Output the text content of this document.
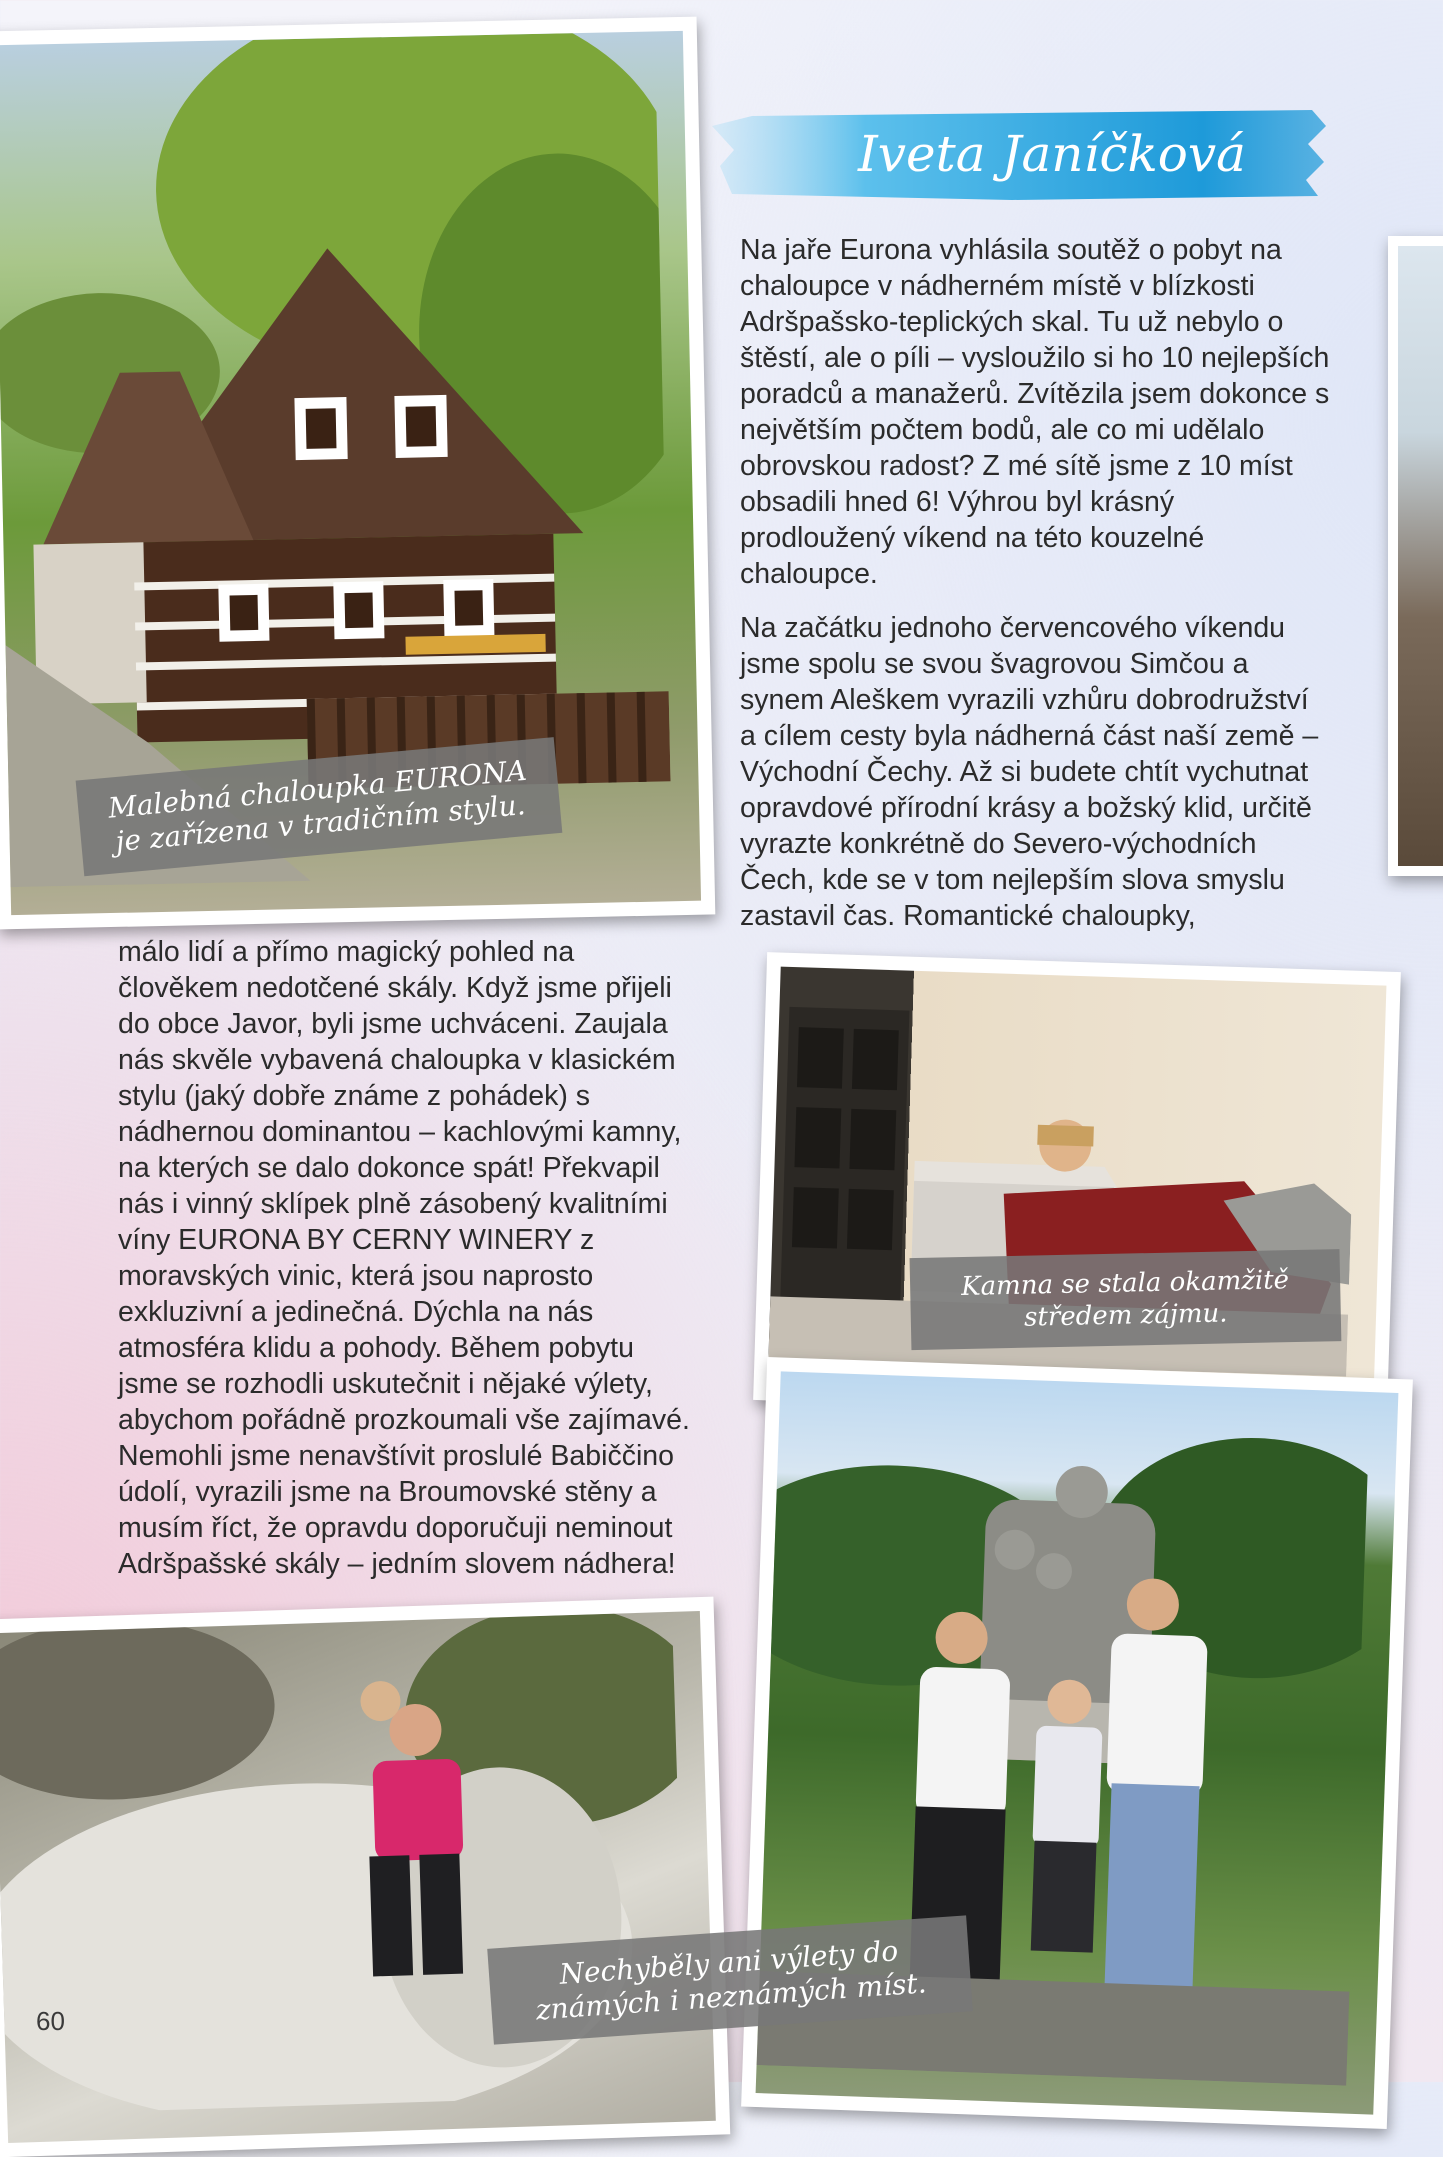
Iveta Janíčková
Malebná chaloupka EURONA je zařízena v tradičním stylu.

Na jaře Eurona vyhlásila soutěž o pobyt na chaloupce v nádherném místě v blízkosti Adršpašsko-teplických skal. Tu už nebylo o štěstí, ale o píli – vysloužilo si ho 10 nejlepších poradců a manažerů. Zvítězila jsem dokonce s největším počtem bodů, ale co mi udělalo obrovskou radost? Z mé sítě jsme z 10 míst obsadili hned 6! Výhrou byl krásný prodloužený víkend na této kouzelné chaloupce.

Na začátku jednoho červencového víkendu jsme spolu se svou švagrovou Simčou a synem Aleškem vyrazili vzhůru dobrodružství a cílem cesty byla nádherná část naší země – Východní Čechy. Až si budete chtít vychutnat opravdové přírodní krásy a božský klid, určitě vyrazte konkrétně do Severo-východních Čech, kde se v tom nejlepším slova smyslu zastavil čas. Romantické chaloupky,

málo lidí a přímo magický pohled na člověkem nedotčené skály. Když jsme přijeli do obce Javor, byli jsme uchváceni. Zaujala nás skvěle vybavená chaloupka v klasickém stylu (jaký dobře známe z pohádek) s nádhernou dominantou – kachlovými kamny, na kterých se dalo dokonce spát! Překvapil nás i vinný sklípek plně zásobený kvalitními víny EURONA BY CERNY WINERY z moravských vinic, která jsou naprosto exkluzivní a jedinečná. Dýchla na nás atmosféra klidu a pohody. Během pobytu jsme se rozhodli uskutečnit i nějaké výlety, abychom pořádně prozkoumali vše zajímavé. Nemohli jsme nenavštívit proslulé Babiččino údolí, vyrazili jsme na Broumovské stěny a musím říct, že opravdu doporučuji neminout Adršpašské skály – jedním slovem nádhera!

Kamna se stala okamžitě středem zájmu.
Nechyběly ani výlety do známých i neznámých míst.
60
